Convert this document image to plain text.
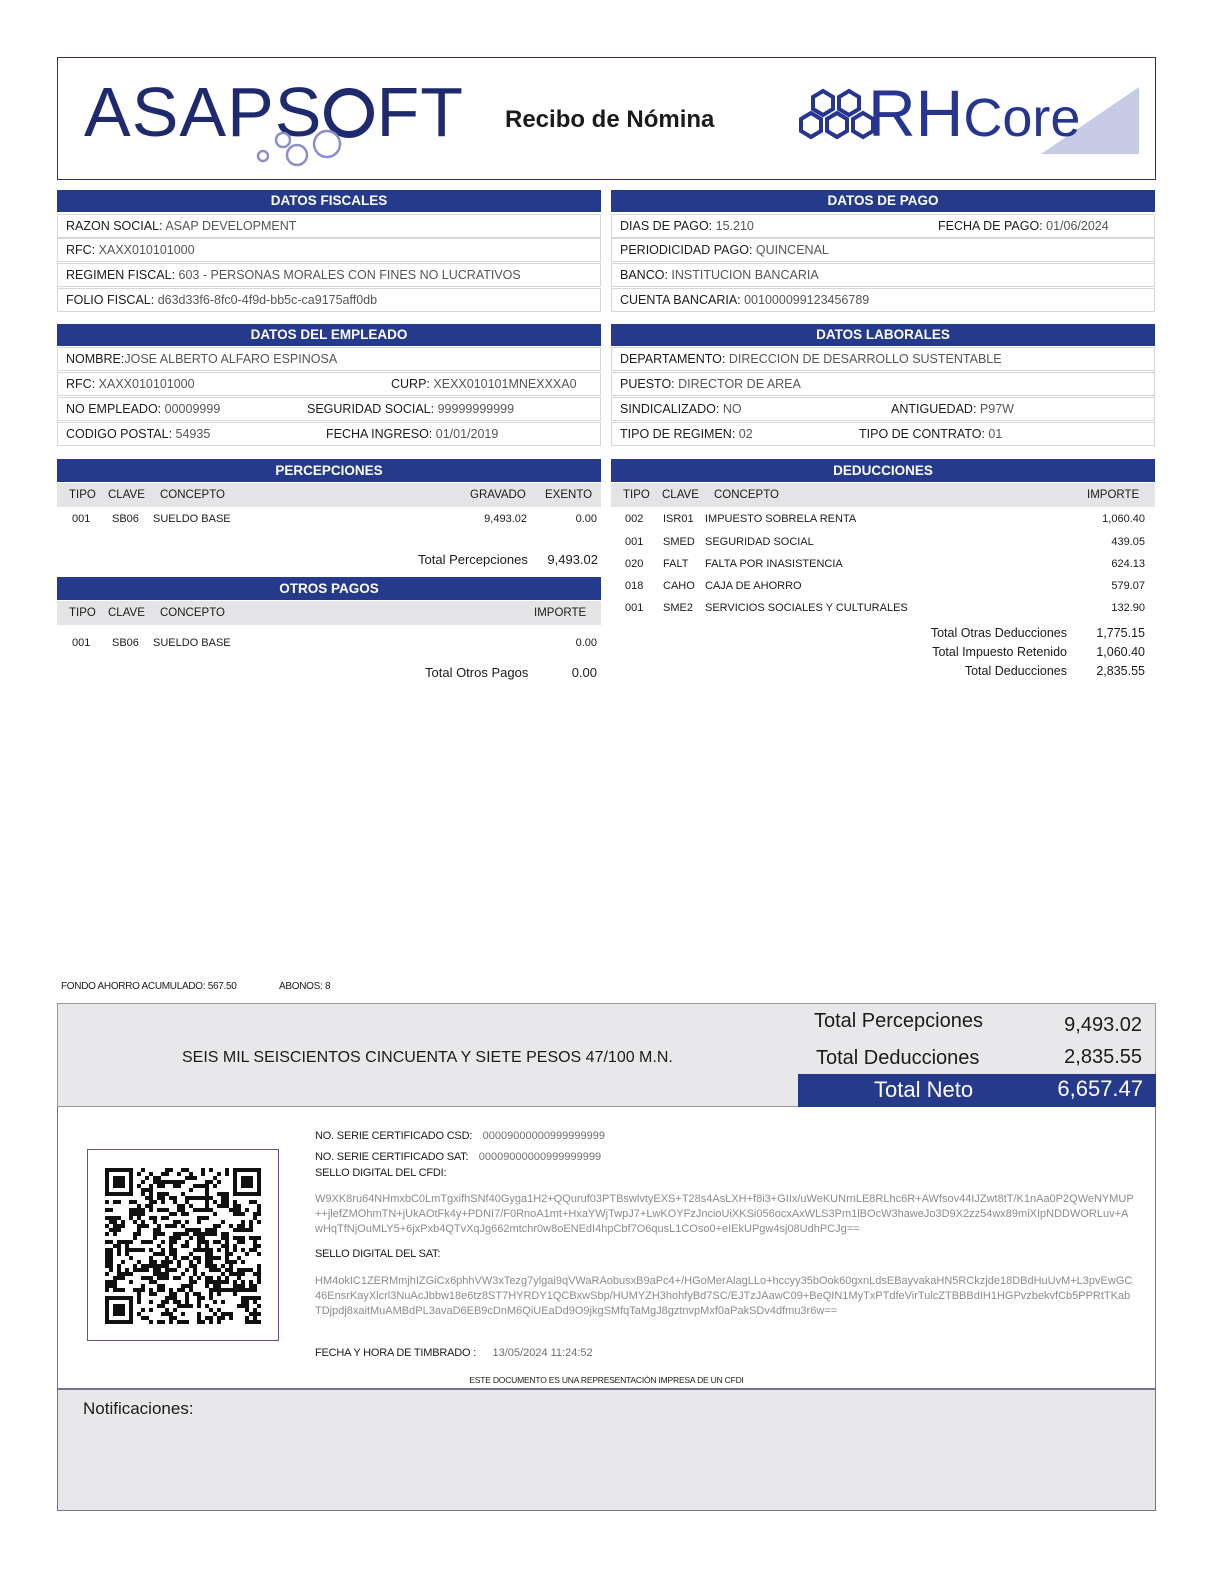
ASAPS FT Recibo de Nómina RHCore
DATOS FISCALES
RAZON SOCIAL: ASAP DEVELOPMENT
RFC: XAXX010101000
REGIMEN FISCAL: 603 - PERSONAS MORALES CON FINES NO LUCRATIVOS
FOLIO FISCAL: d63d33f6-8fc0-4f9d-bb5c-ca9175aff0db
DATOS DE PAGO
DIAS DE PAGO: 15.210	FECHA DE PAGO: 01/06/2024
PERIODICIDAD PAGO: QUINCENAL
BANCO: INSTITUCION BANCARIA
CUENTA BANCARIA: 001000099123456789
DATOS DEL EMPLEADO
NOMBRE:JOSE ALBERTO ALFARO ESPINOSA
RFC: XAXX010101000	CURP: XEXX010101MNEXXXA0
NO EMPLEADO: 00009999	SEGURIDAD SOCIAL: 99999999999
CODIGO POSTAL: 54935	FECHA INGRESO: 01/01/2019
DATOS LABORALES
DEPARTAMENTO: DIRECCION DE DESARROLLO SUSTENTABLE
PUESTO: DIRECTOR DE AREA
SINDICALIZADO: NO	ANTIGUEDAD: P97W
TIPO DE REGIMEN: 02	TIPO DE CONTRATO: 01
PERCEPCIONES
TIPO CLAVE CONCEPTO	GRAVADO EXENTO
001 SB06 SUELDO BASE	9,493.02	0.00
Total Percepciones 9,493.02
OTROS PAGOS
TIPO CLAVE CONCEPTO	IMPORTE
001 SB06 SUELDO BASE	0.00
Total Otros Pagos	0.00
DEDUCCIONES
TIPO CLAVE CONCEPTO	IMPORTE
002 ISR01 IMPUESTO SOBRELA RENTA	1,060.40
001 SMED SEGURIDAD SOCIAL	439.05
020 FALT FALTA POR INASISTENCIA	624.13
018 CAHO CAJA DE AHORRO	579.07
001 SME2 SERVICIOS SOCIALES Y CULTURALES	132.90
Total Otras Deducciones 1,775.15
Total Impuesto Retenido 1,060.40
Total Deducciones 2,835.55
FONDO AHORRO ACUMULADO: 567.50	ABONOS: 8
SEIS MIL SEISCIENTOS CINCUENTA Y SIETE PESOS 47/100 M.N.
Total Percepciones	9,493.02
Total Deducciones	2,835.55
Total Neto	6,657.47
NO. SERIE CERTIFICADO CSD: 00009000000999999999
NO. SERIE CERTIFICADO SAT: 00009000000999999999
SELLO DIGITAL DEL CFDI:
W9XK8ru64NHmxbC0LmTgxifhSNf40Gyga1H2+QQuruf03PTBswlvtyEXS+T28s4AsLXH+f8i3+GIIx/uWeKUNrnLE8RLhc6R+AWfsov44IJZwt8tT/K1nAa0P2QWeNYMUP++jlefZMOhmTN+jUkAOtFk4y+PDNI7/F0RnoA1mt+HxaYWjTwpJ7+LwKOYFzJncioUiXKSi056ocxAxWLS3Pm1lBOcW3haweJo3D9X2zz54wx89miXIpNDDWORLuv+AwHqTfNjOuMLY5+6jxPxb4QTvXqJg662mtchr0w8oENEdI4hpCbf7O6qusL1COso0+eIEkUPgw4sj08UdhPCJg==
SELLO DIGITAL DEL SAT:
HM4okIC1ZERMmjhIZGiCx6phhVW3xTezg7ylgai9qVWaRAobusxB9aPc4+/HGoMerAlagLLo+hccyy35bOok60gxnLdsEBayvakaHN5RCkzjde18DBdHuUvM+L3pvEwGC46EnsrKayXlcrl3NuAcJbbw18e6tz8ST7HYRDY1QCBxwSbp/HUMYZH3hohfyBd7SC/EJTzJAawC09+BeQIN1MyTxPTdfeVirTulcZTBBBdIH1HGPvzbekvfCb5PPRtTKabTDjpdj8xaitMuAMBdPL3avaD6EB9cDnM6QiUEaDd9O9jkgSMfqTaMgJ8gztnvpMxf0aPakSDv4dfmu3r6w==
FECHA Y HORA DE TIMBRADO : 13/05/2024 11:24:52
ESTE DOCUMENTO ES UNA REPRESENTACIÓN IMPRESA DE UN CFDI
Notificaciones:
